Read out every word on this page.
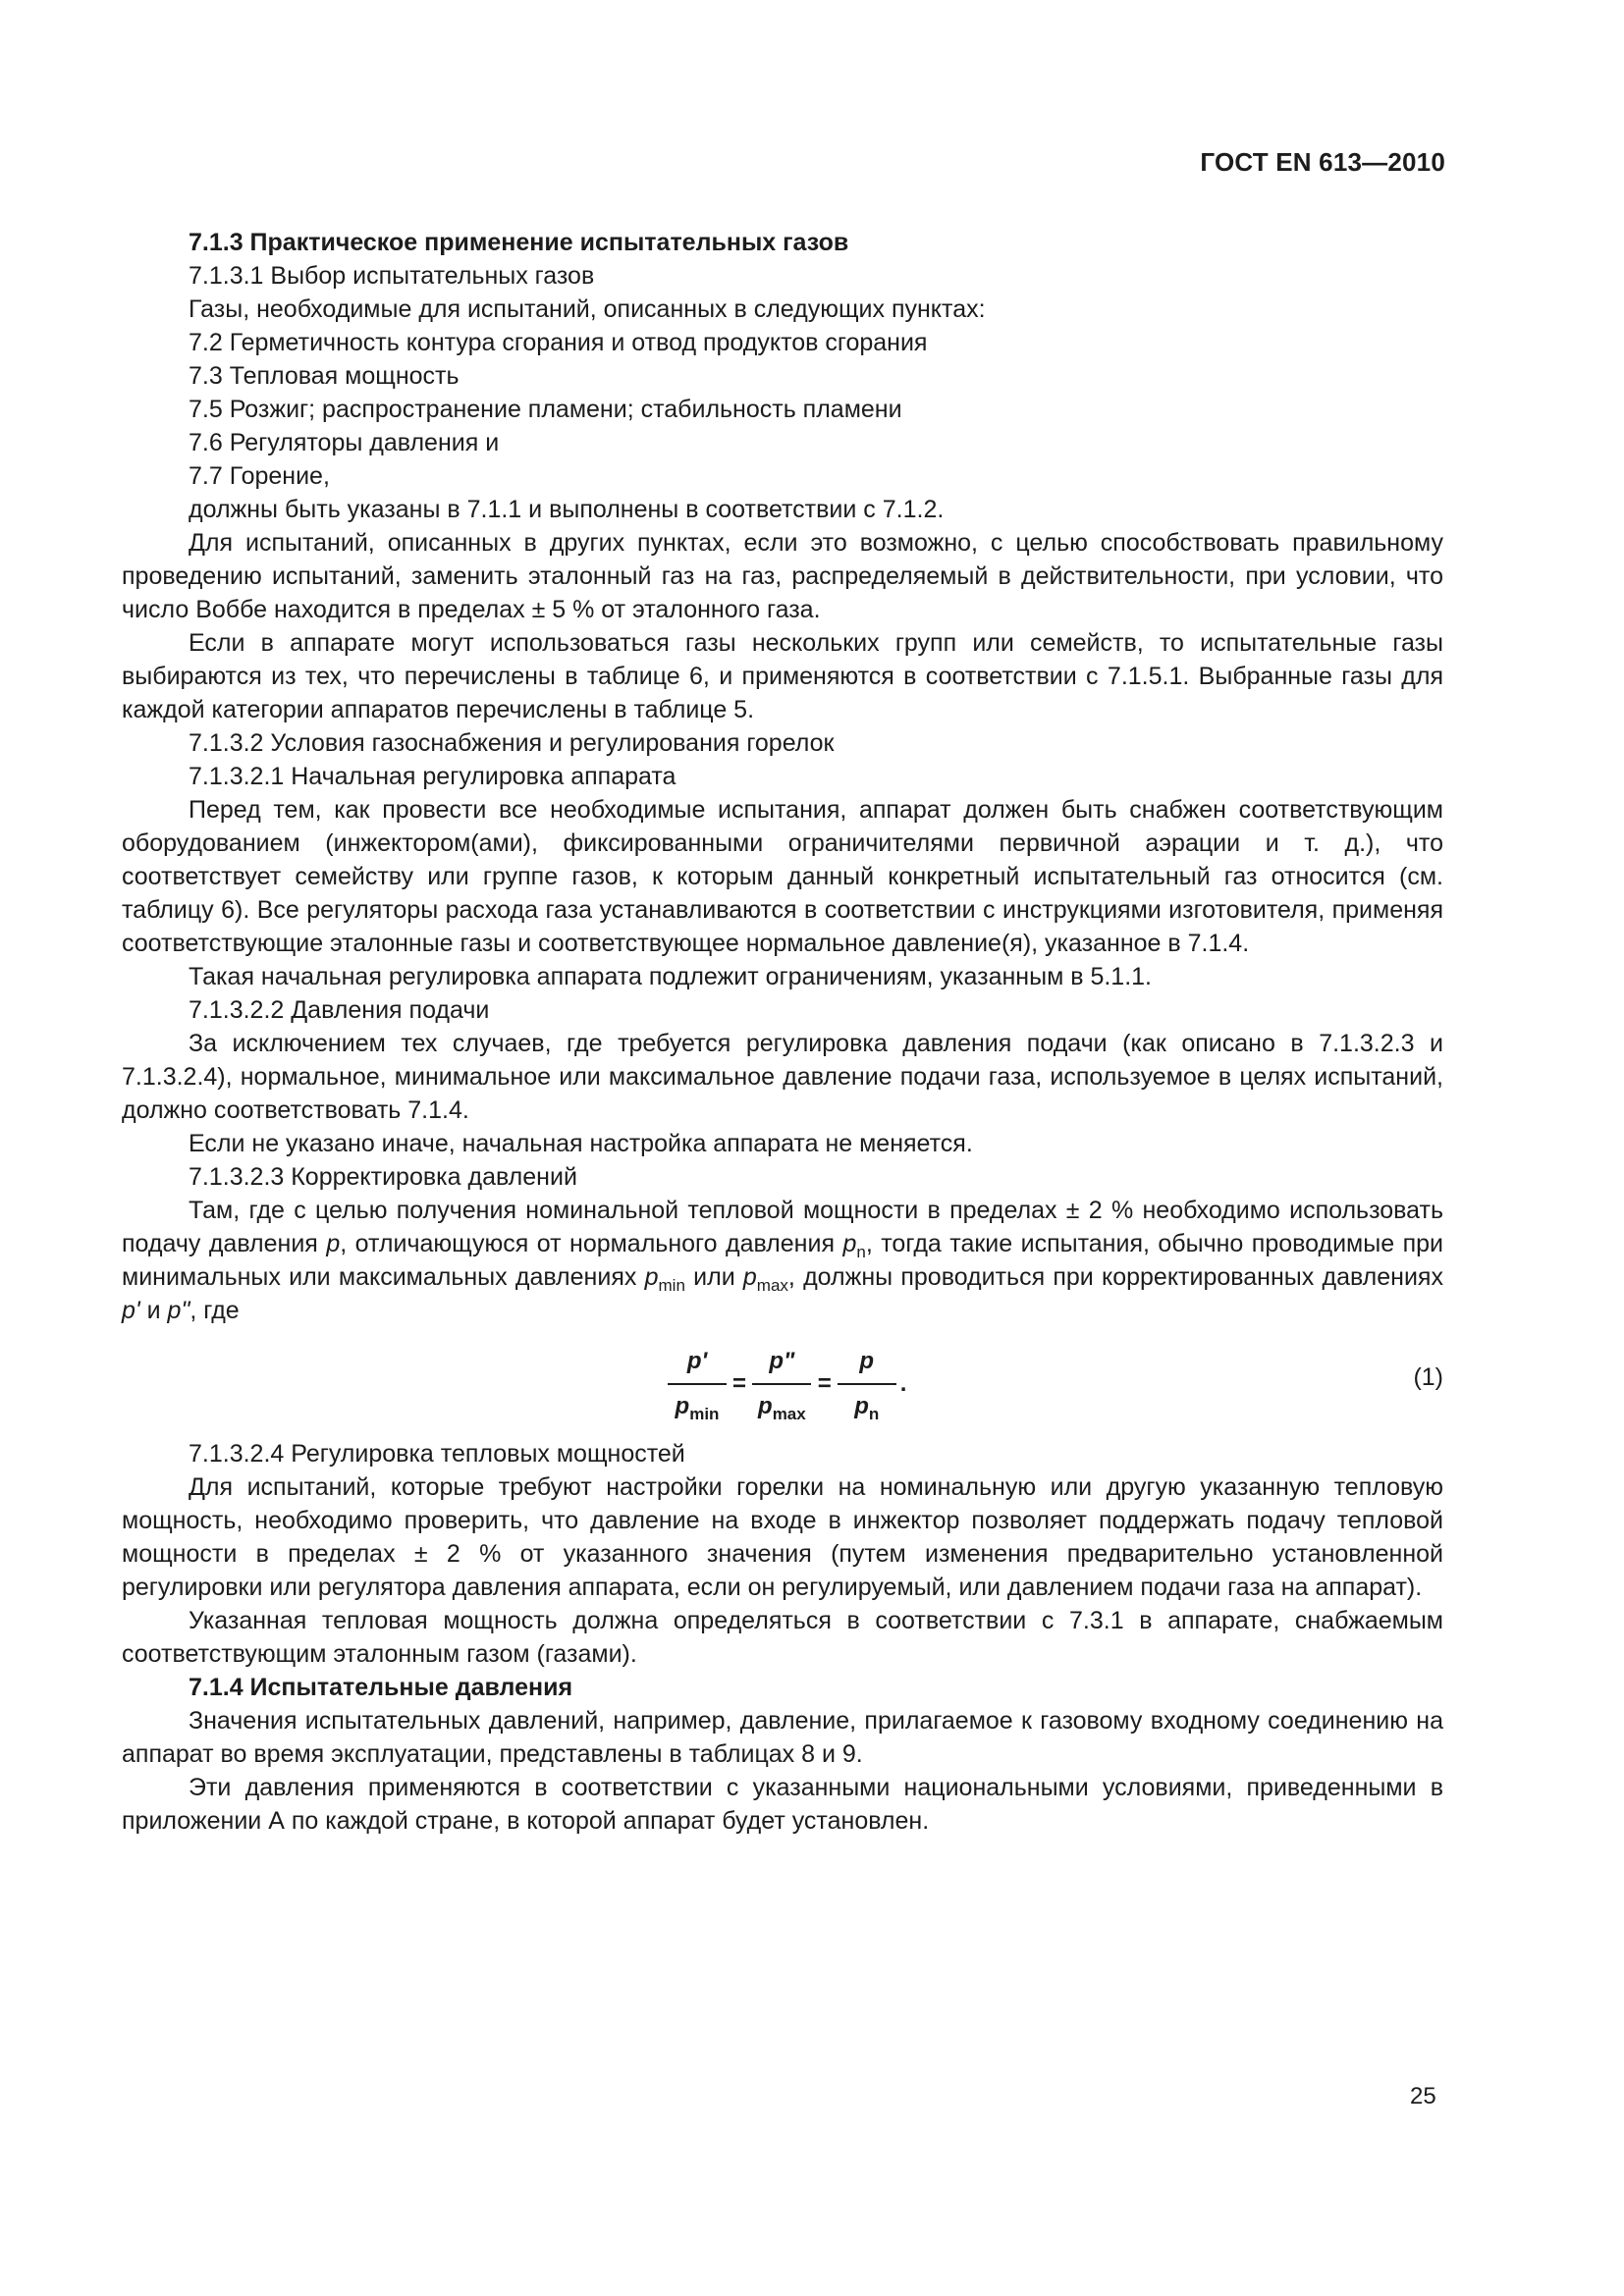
ГОСТ EN 613—2010

7.1.3 Практическое применение испытательных газов

7.1.3.1 Выбор испытательных газов

Газы, необходимые для испытаний, описанных в следующих пунктах:

7.2 Герметичность контура сгорания и отвод продуктов сгорания

7.3 Тепловая мощность

7.5 Розжиг; распространение пламени; стабильность пламени

7.6 Регуляторы давления и

7.7 Горение,

должны быть указаны в 7.1.1 и выполнены в соответствии с 7.1.2.

Для испытаний, описанных в других пунктах, если это возможно, с целью способствовать правильному проведению испытаний, заменить эталонный газ на газ, распределяемый в действительности, при условии, что число Воббе находится в пределах ± 5 % от эталонного газа.

Если в аппарате могут использоваться газы нескольких групп или семейств, то испытательные газы выбираются из тех, что перечислены в таблице 6, и применяются в соответствии с 7.1.5.1. Выбранные газы для каждой категории аппаратов перечислены в таблице 5.

7.1.3.2 Условия газоснабжения и регулирования горелок

7.1.3.2.1 Начальная регулировка аппарата

Перед тем, как провести все необходимые испытания, аппарат должен быть снабжен соответствующим оборудованием (инжектором(ами), фиксированными ограничителями первичной аэрации и т. д.), что соответствует семейству или группе газов, к которым данный конкретный испытательный газ относится (см. таблицу 6). Все регуляторы расхода газа устанавливаются в соответствии с инструкциями изготовителя, применяя соответствующие эталонные газы и соответствующее нормальное давление(я), указанное в 7.1.4.

Такая начальная регулировка аппарата подлежит ограничениям, указанным в 5.1.1.

7.1.3.2.2 Давления подачи

За исключением тех случаев, где требуется регулировка давления подачи (как описано в 7.1.3.2.3 и 7.1.3.2.4), нормальное, минимальное или максимальное давление подачи газа, используемое в целях испытаний, должно соответствовать 7.1.4.

Если не указано иначе, начальная настройка аппарата не меняется.

7.1.3.2.3 Корректировка давлений

Там, где с целью получения номинальной тепловой мощности в пределах ± 2 % необходимо использовать подачу давления p, отличающуюся от нормального давления $p_n$, тогда такие испытания, обычно проводимые при минимальных или максимальных давлениях $p_{min}$ или $p_{max}$, должны проводиться при корректированных давлениях p' и p", где

$\frac{p'}{p_{min}} = \frac{p"}{p_{max}} = \frac{p}{p_n}$ .	(1)

7.1.3.2.4 Регулировка тепловых мощностей

Для испытаний, которые требуют настройки горелки на номинальную или другую указанную тепловую мощность, необходимо проверить, что давление на входе в инжектор позволяет поддержать подачу тепловой мощности в пределах ± 2 % от указанного значения (путем изменения предварительно установленной регулировки или регулятора давления аппарата, если он регулируемый, или давлением подачи газа на аппарат).

Указанная тепловая мощность должна определяться в соответствии с 7.3.1 в аппарате, снабжаемым соответствующим эталонным газом (газами).

7.1.4 Испытательные давления

Значения испытательных давлений, например, давление, прилагаемое к газовому входному соединению на аппарат во время эксплуатации, представлены в таблицах 8 и 9.

Эти давления применяются в соответствии с указанными национальными условиями, приведенными в приложении А по каждой стране, в которой аппарат будет установлен.

25
